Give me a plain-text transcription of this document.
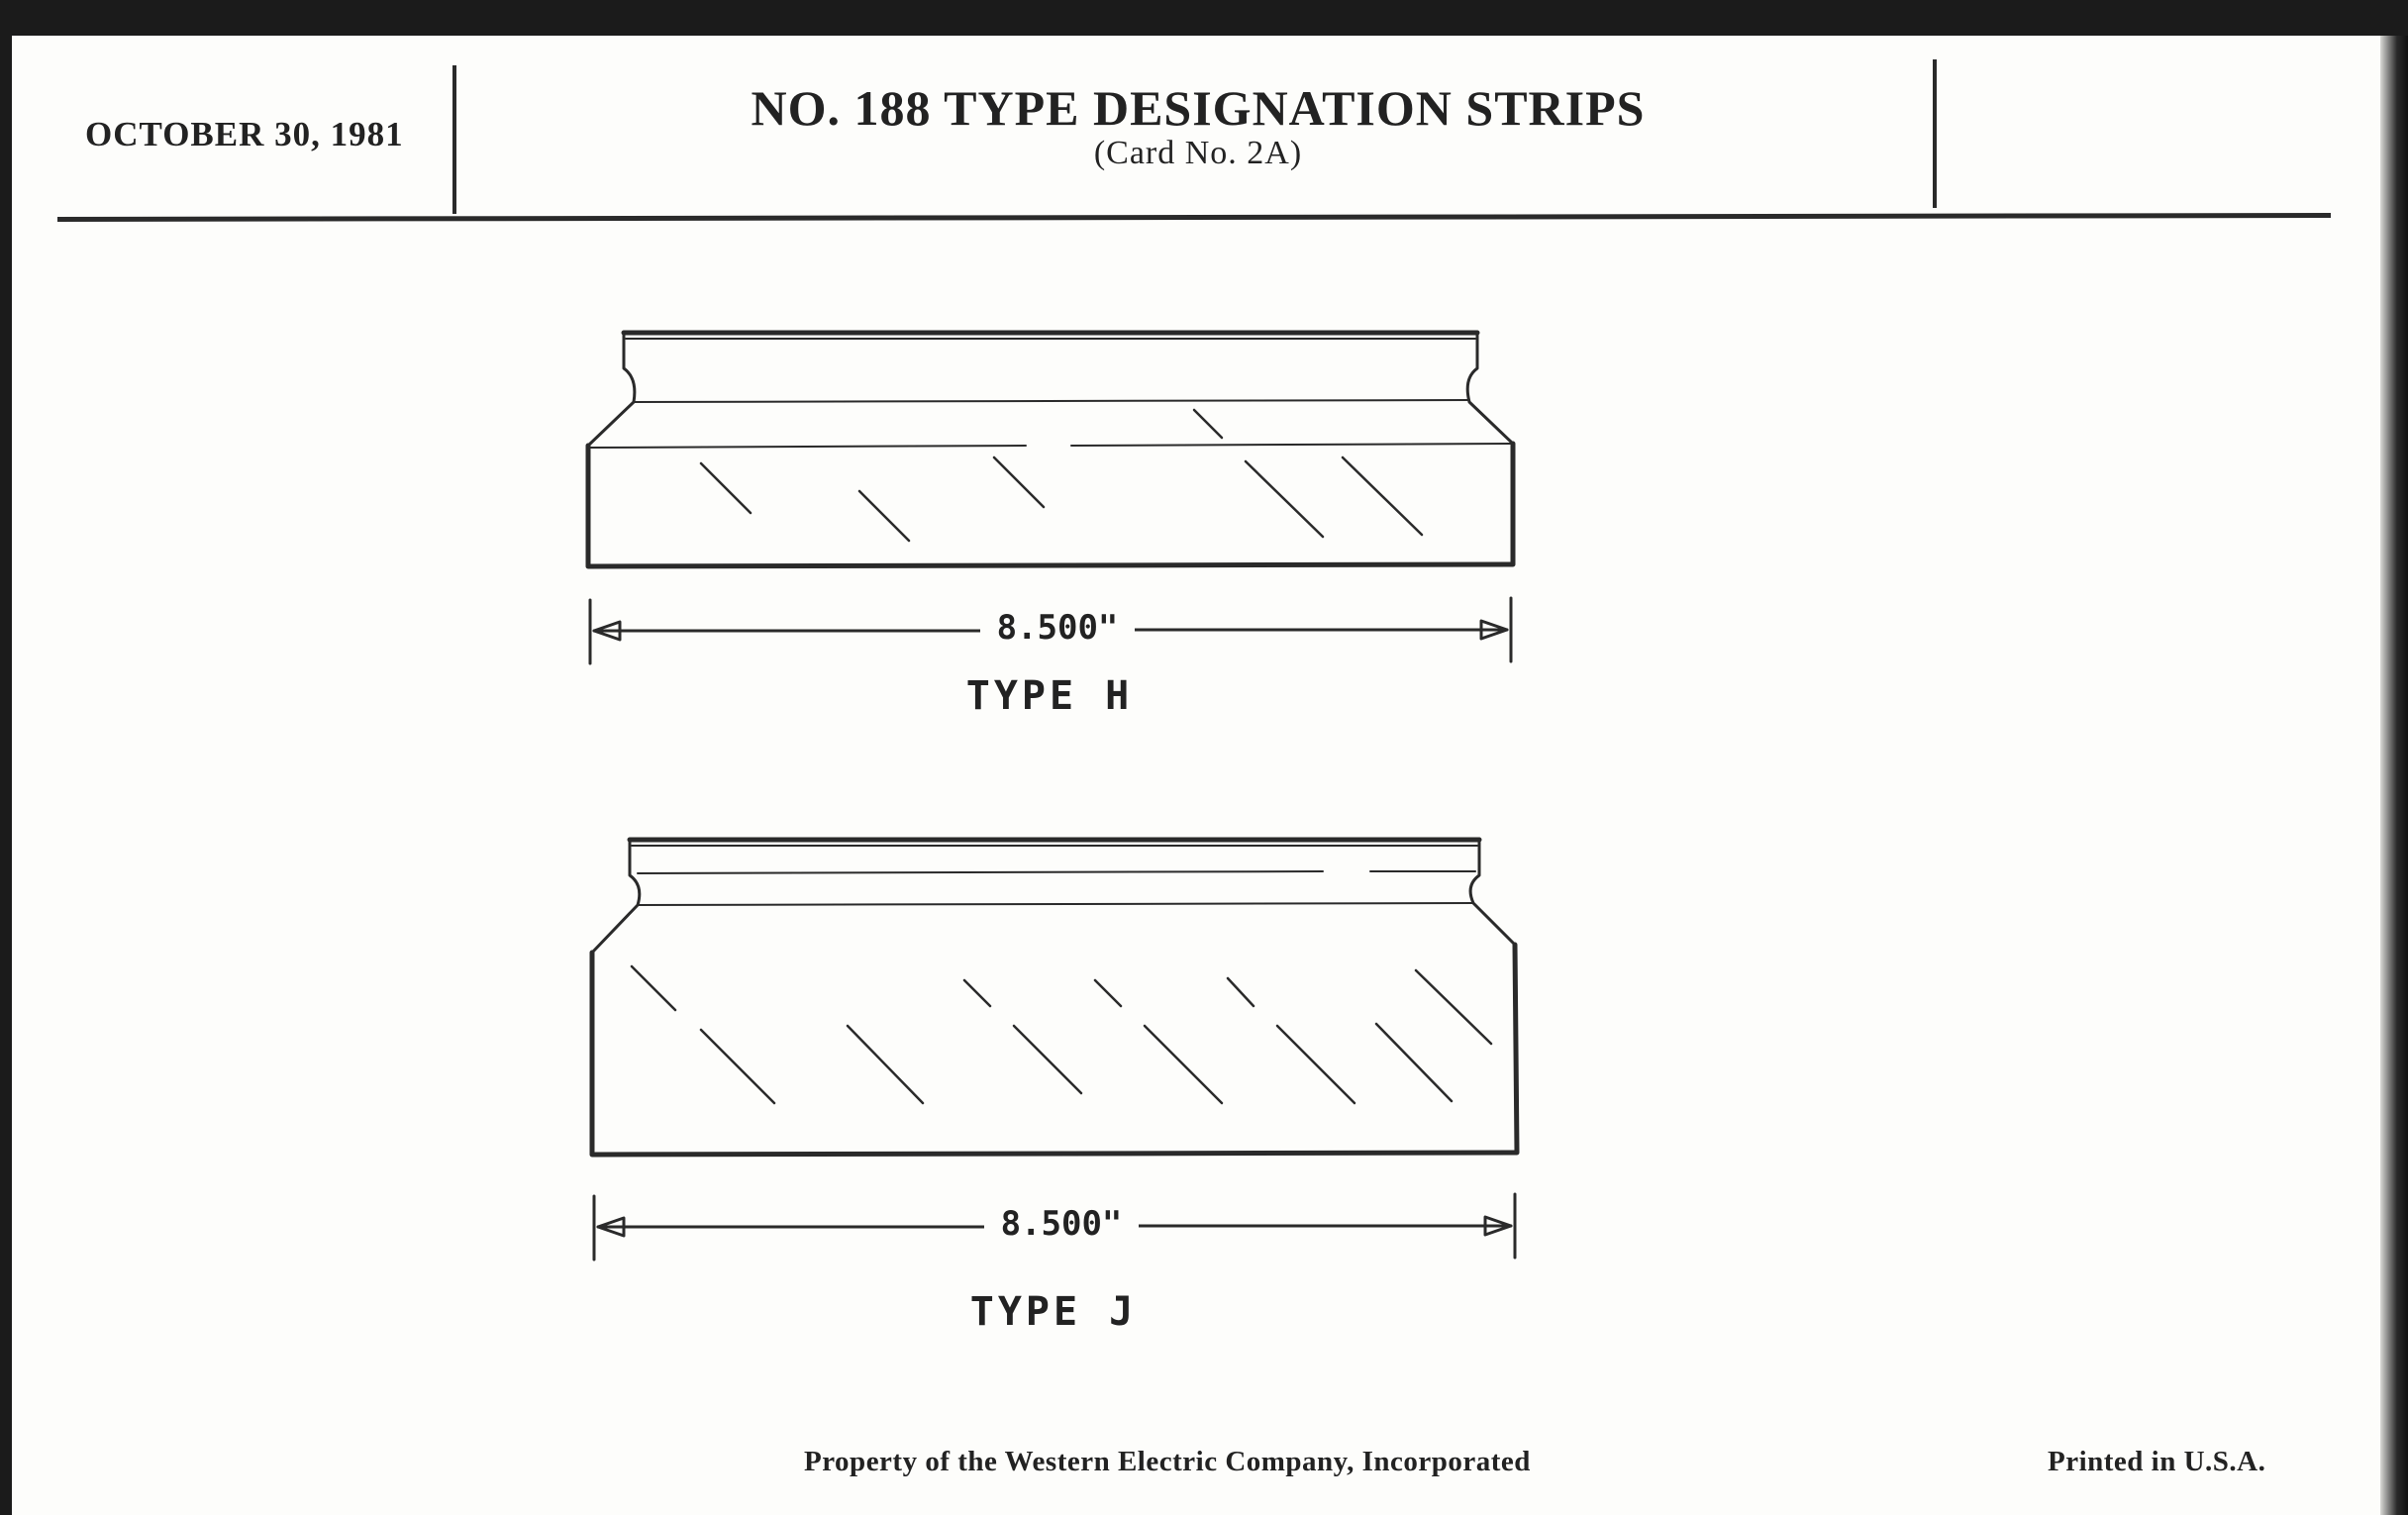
OCTOBER 30, 1981	NO. 188 TYPE DESIGNATION STRIPS
(Card No. 2A)
8.500"
TYPE H
8.500"
TYPE J
Property of the Western Electric Company, Incorporated	Printed in U.S.A.
